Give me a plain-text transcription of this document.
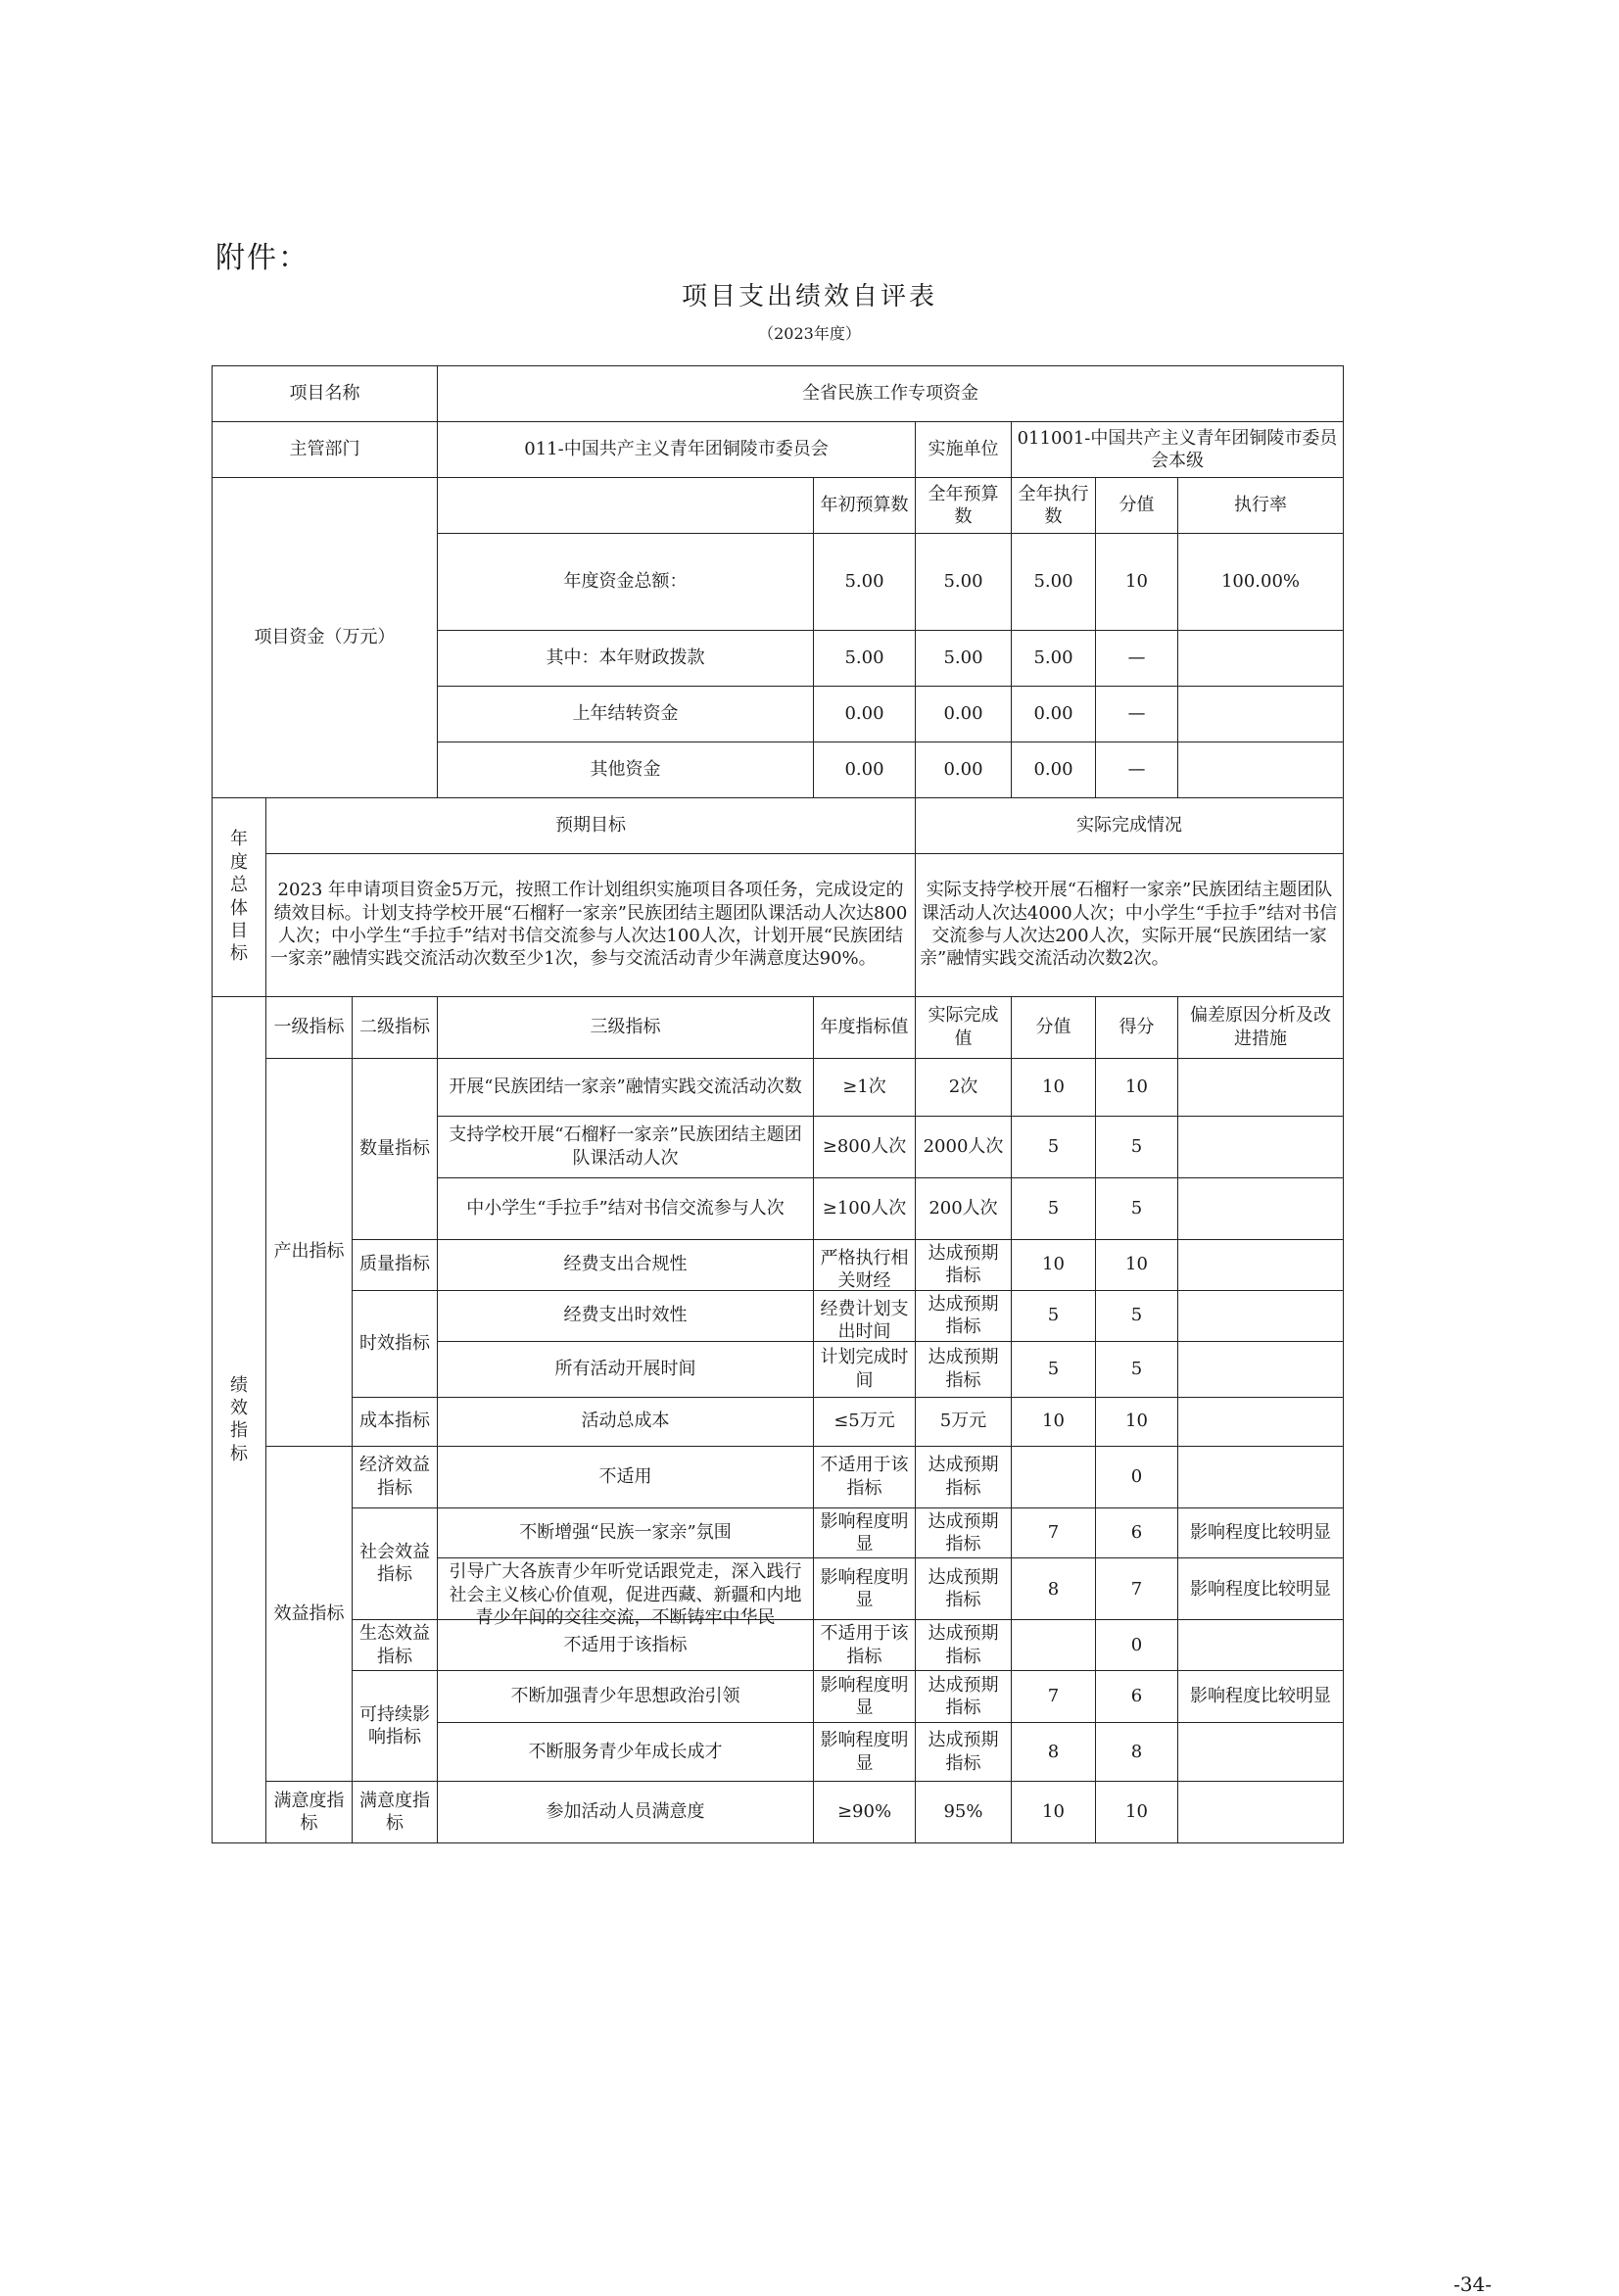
附件：
项目支出绩效自评表
（2023年度）
项目名称			全省民族工作专项资金						
主管部门			011-中国共产主义青年团铜陵市委员会		实施单位	011001-中国共产主义青年团铜陵市委员会本级			
项目资金（万元）				年初预算数	全年预算数	全年执行数	分值	执行率	
			年度资金总额：	5.00	5.00	5.00	10	100.00%	
			其中：本年财政拨款	5.00	5.00	5.00	—		
			上年结转资金	0.00	0.00	0.00	—		
			其他资金	0.00	0.00	0.00	—		

年度总体目标	预期目标				实际完成情况				
	2023 年申请项目资金5万元，按照工作计划组织实施项目各项任务，完成设定的绩效目标。计划支持学校开展“石榴籽一家亲”民族团结主题团队课活动人次达800人次；中小学生“手拉手”结对书信交流参与人次达100人次，计划开展“民族团结一家亲”融情实践交流活动次数至少1次，参与交流活动青少年满意度达90%。				实际支持学校开展“石榴籽一家亲”民族团结主题团队课活动人次达4000人次；中小学生“手拉手”结对书信交流参与人次达200人次，实际开展“民族团结一家亲”融情实践交流活动次数2次。				

绩效指标	一级指标	二级指标	三级指标	年度指标值	实际完成值	分值	得分	偏差原因分析及改进措施	
	产出指标	数量指标	开展“民族团结一家亲”融情实践交流活动次数	≥1次	2次	10	10		
			支持学校开展“石榴籽一家亲”民族团结主题团队课活动人次	≥800人次	2000人次	5	5		
			中小学生“手拉手”结对书信交流参与人次	≥100人次	200人次	5	5		
		质量指标	经费支出合规性	严格执行相关财经	达成预期指标	10	10		
		时效指标	经费支出时效性	经费计划支出时间	达成预期指标	5	5		
			所有活动开展时间	计划完成时间	达成预期指标	5	5		
		成本指标	活动总成本	≤5万元	5万元	10	10		
	效益指标	经济效益指标	不适用	不适用于该指标	达成预期指标		0		
		社会效益指标	不断增强“民族一家亲”氛围	影响程度明显	达成预期指标	7	6	影响程度比较明显	

			引导广大各族青少年听党话跟党走，深入践行社会主义核心价值观，促进西藏、新疆和内地青少年间的交往交流，不断铸牢中华民	影响程度明显	达成预期指标	8	7	影响程度比较明显	
		生态效益指标	不适用于该指标	不适用于该指标	达成预期指标		0		
		可持续影响指标	不断加强青少年思想政治引领	影响程度明显	达成预期指标	7	6	影响程度比较明显	
			不断服务青少年成长成才	影响程度明显	达成预期指标	8	8		
	满意度指标	满意度指标	参加活动人员满意度	≥90%	95%	10	10		
-34-
